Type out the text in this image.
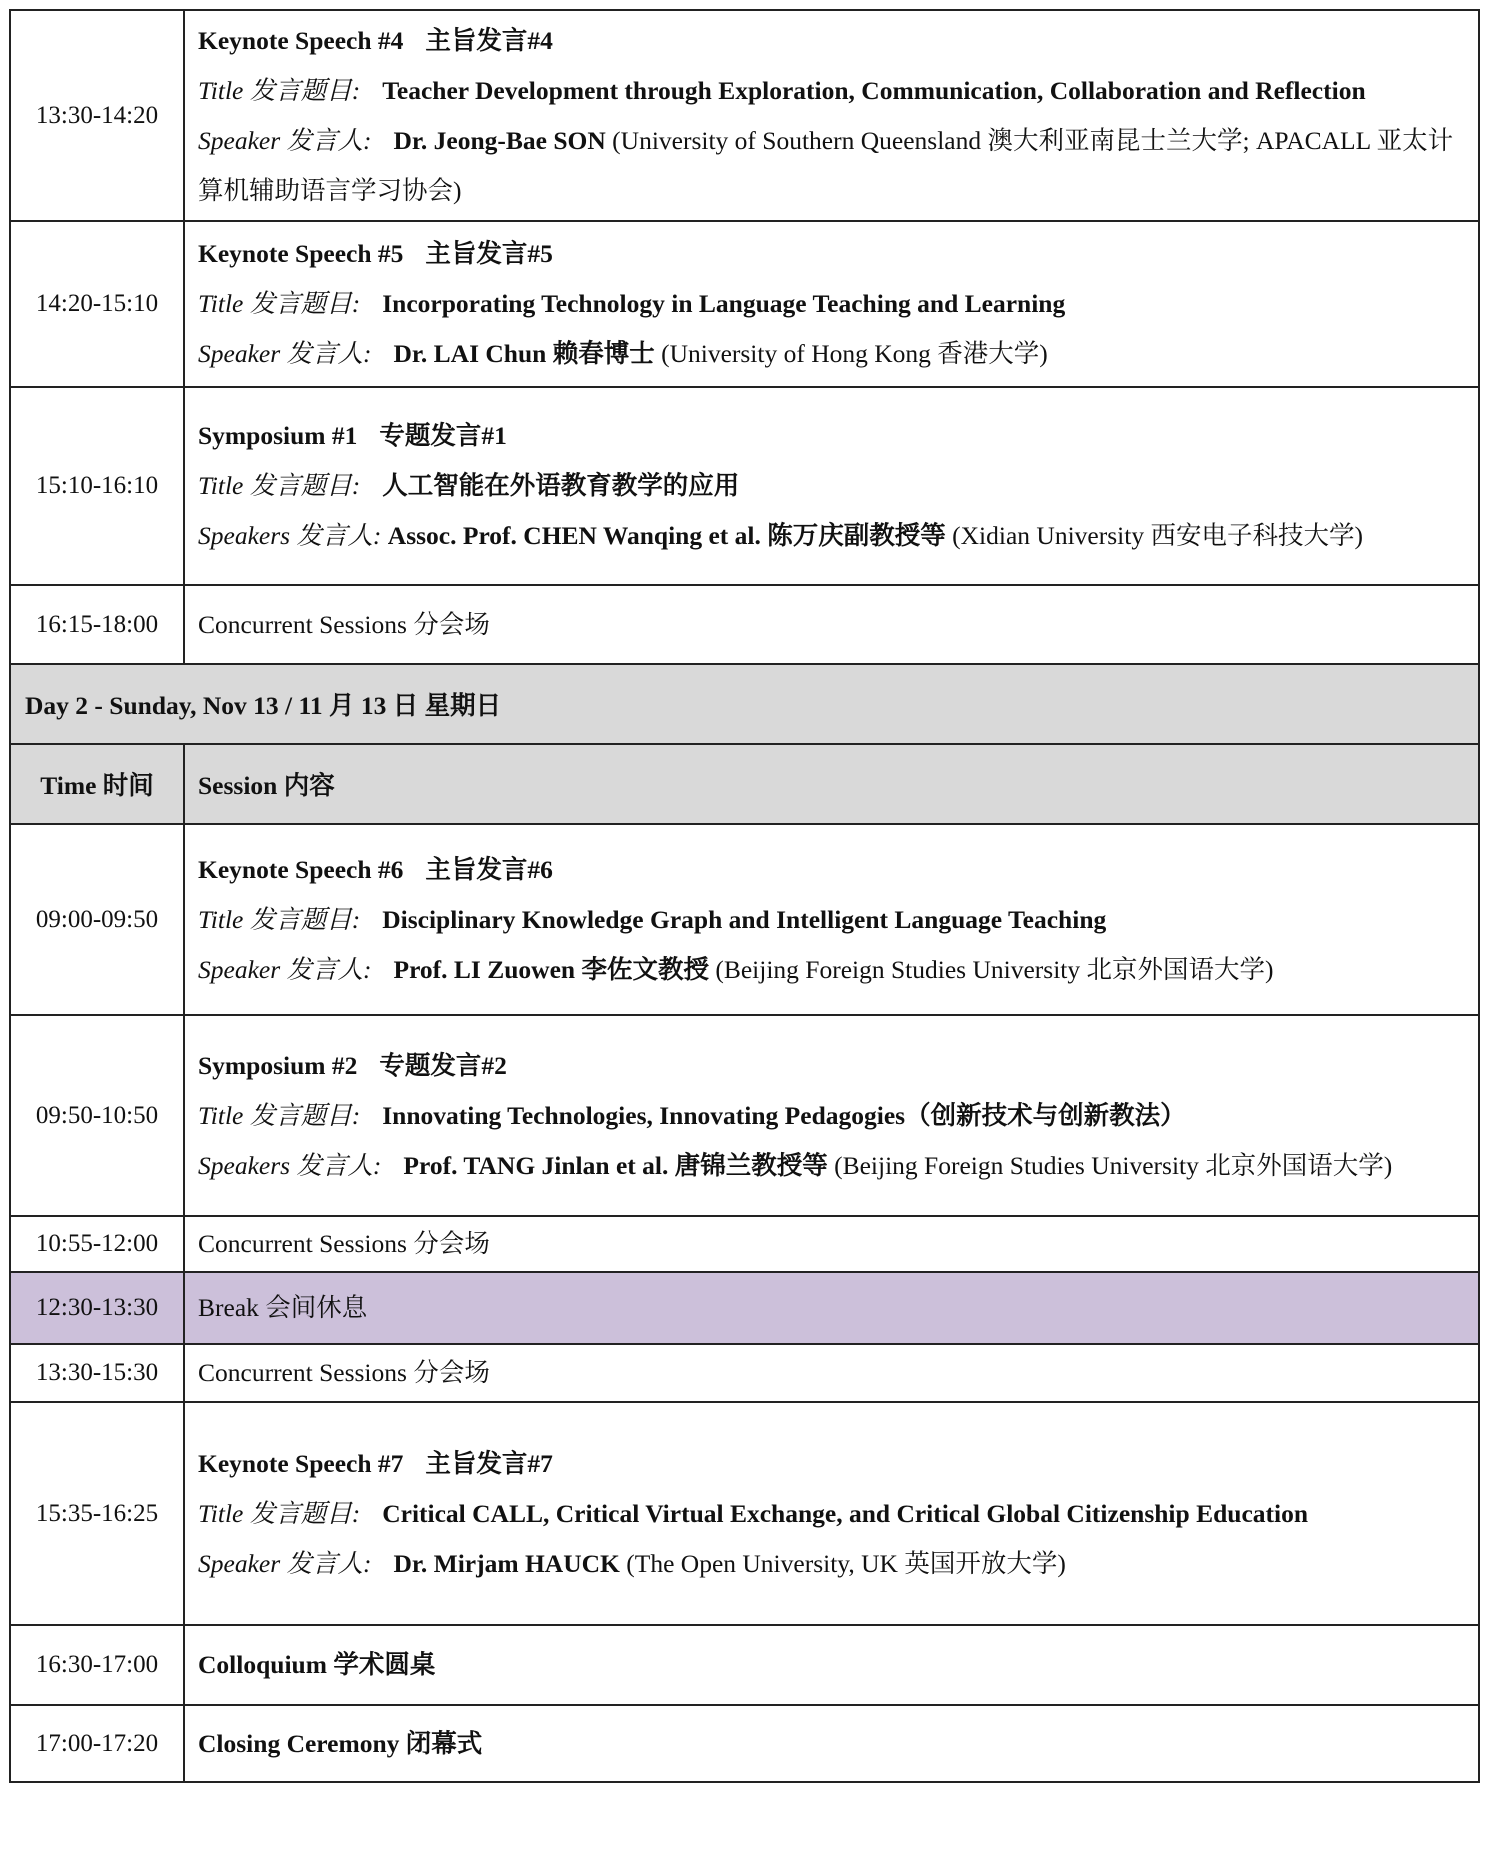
13:30-14:20	Keynote Speech #4 主旨发言#4
Title 发言题目: Teacher Development through Exploration, Communication, Collaboration and Reflection
Speaker 发言人: Dr. Jeong-Bae SON (University of Southern Queensland 澳大利亚南昆士兰大学; APACALL 亚太计算机辅助语言学习协会)

14:20-15:10	Keynote Speech #5 主旨发言#5
Title 发言题目: Incorporating Technology in Language Teaching and Learning
Speaker 发言人: Dr. LAI Chun 赖春博士 (University of Hong Kong 香港大学)

15:10-16:10	Symposium #1 专题发言#1
Title 发言题目: 人工智能在外语教育教学的应用
Speakers 发言人: Assoc. Prof. CHEN Wanqing et al. 陈万庆副教授等 (Xidian University 西安电子科技大学)

16:15-18:00	Concurrent Sessions 分会场
Day 2 - Sunday, Nov 13 / 11 月 13 日 星期日	
Time 时间	Session 内容
09:00-09:50	Keynote Speech #6 主旨发言#6
Title 发言题目: Disciplinary Knowledge Graph and Intelligent Language Teaching
Speaker 发言人: Prof. LI Zuowen 李佐文教授 (Beijing Foreign Studies University 北京外国语大学)

09:50-10:50	Symposium #2 专题发言#2
Title 发言题目: Innovating Technologies, Innovating Pedagogies（创新技术与创新教法）
Speakers 发言人: Prof. TANG Jinlan et al. 唐锦兰教授等 (Beijing Foreign Studies University 北京外国语大学)

10:55-12:00	Concurrent Sessions 分会场
12:30-13:30	Break 会间休息
13:30-15:30	Concurrent Sessions 分会场
15:35-16:25	Keynote Speech #7 主旨发言#7
Title 发言题目: Critical CALL, Critical Virtual Exchange, and Critical Global Citizenship Education
Speaker 发言人: Dr. Mirjam HAUCK (The Open University, UK 英国开放大学)

16:30-17:00	Colloquium 学术圆桌
17:00-17:20	Closing Ceremony 闭幕式
